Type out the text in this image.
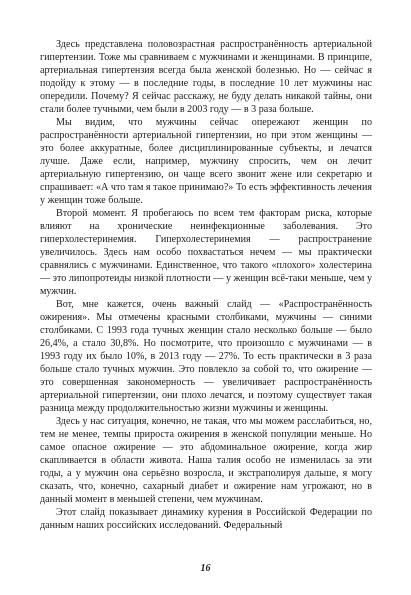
Здесь представлена половозрастная распространённость артериальной гипертензии. Тоже мы сравниваем с мужчинами и женщинами. В принципе, артериальная гипертензия всегда была женской болезнью. Но — сейчас я подойду к этому — в последние годы, в последние 10 лет мужчины нас опередили. Почему? Я сейчас расскажу, не буду делать никакой тайны, они стали более тучными, чем были в 2003 году — в 3 раза больше.

Мы видим, что мужчины сейчас опережают женщин по распространённости артериальной гипертензии, но при этом женщины — это более аккуратные, более дисциплинированные субъекты, и лечатся лучше. Даже если, например, мужчину спросить, чем он лечит артериальную гипертензию, он чаще всего звонит жене или секретарю и спрашивает: «А что там я такое принимаю?» То есть эффективность лечения у женщин тоже больше.

Второй момент. Я пробегаюсь по всем тем факторам риска, которые влияют на хронические неинфекционные заболевания. Это гиперхолестеринемия. Гиперхолестеринемия — распространение увеличилось. Здесь нам особо похвастаться нечем — мы практически сравнялись с мужчинами. Единственное, что такого «плохого» холестерина — это липопротеиды низкой плотности — у женщин всё-таки меньше, чем у мужчин.

Вот, мне кажется, очень важный слайд — «Распространённость ожирения». Мы отмечены красными столбиками, мужчины — синими столбиками. С 1993 года тучных женщин стало несколько больше — было 26,4%, а стало 30,8%. Но посмотрите, что произошло с мужчинами — в 1993 году их было 10%, в 2013 году — 27%. То есть практически в 3 раза больше стало тучных мужчин. Это повлекло за собой то, что ожирение — это совершенная закономерность — увеличивает распространённость артериальной гипертензии, они плохо лечатся, и поэтому существует такая разница между продолжительностью жизни мужчины и женщины.

Здесь у нас ситуация, конечно, не такая, что мы можем расслабиться, но, тем не менее, темпы прироста ожирения в женской популяции меньше. Но самое опасное ожирение — это абдоминальное ожирение, когда жир скапливается в области живота. Наша талия особо не изменилась за эти годы, а у мужчин она серьёзно возросла, и экстраполируя дальше, я могу сказать, что, конечно, сахарный диабет и ожирение нам угрожают, но в данный момент в меньшей степени, чем мужчинам.

Этот слайд показывает динамику курения в Российской Федерации по данным наших российских исследований. Федеральный

16
